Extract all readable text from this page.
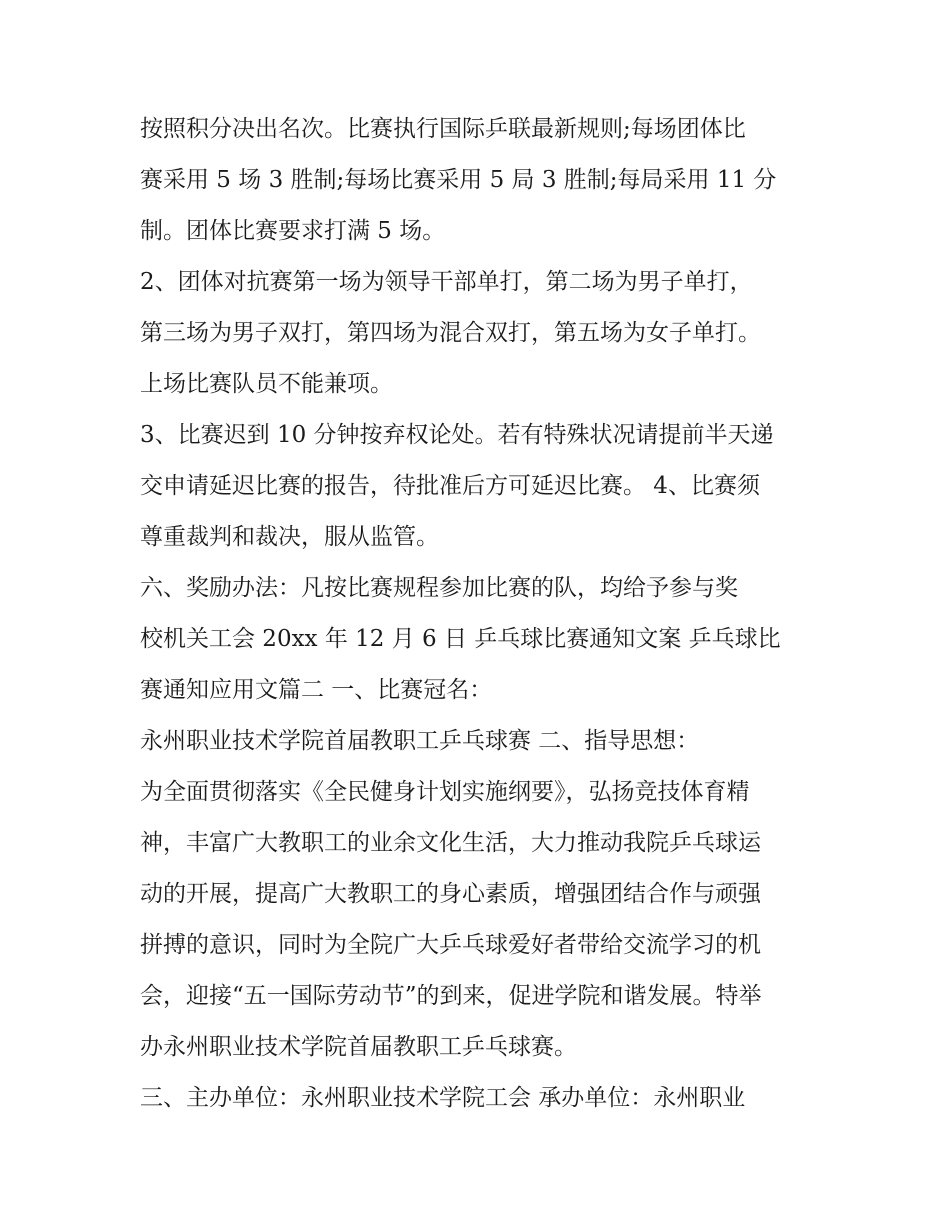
按照积分决出名次。比赛执行国际乒联最新规则;每场团体比
赛采用 5 场 3 胜制;每场比赛采用 5 局 3 胜制;每局采用 11 分
制。团体比赛要求打满 5 场。
2、团体对抗赛第一场为领导干部单打，第二场为男子单打，
第三场为男子双打，第四场为混合双打，第五场为女子单打。
上场比赛队员不能兼项。
3、比赛迟到 10 分钟按弃权论处。若有特殊状况请提前半天递
交申请延迟比赛的报告，待批准后方可延迟比赛。 4、比赛须
尊重裁判和裁决，服从监管。
六、奖励办法：凡按比赛规程参加比赛的队，均给予参与奖
校机关工会 20xx 年 12 月 6 日 乒乓球比赛通知文案 乒乓球比
赛通知应用文篇二 一、比赛冠名：
永州职业技术学院首届教职工乒乓球赛 二、指导思想：
为全面贯彻落实《全民健身计划实施纲要》，弘扬竞技体育精
神，丰富广大教职工的业余文化生活，大力推动我院乒乓球运
动的开展，提高广大教职工的身心素质，增强团结合作与顽强
拼搏的意识，同时为全院广大乒乓球爱好者带给交流学习的机
会，迎接“五一国际劳动节”的到来，促进学院和谐发展。特举
办永州职业技术学院首届教职工乒乓球赛。
三、主办单位：永州职业技术学院工会 承办单位：永州职业
